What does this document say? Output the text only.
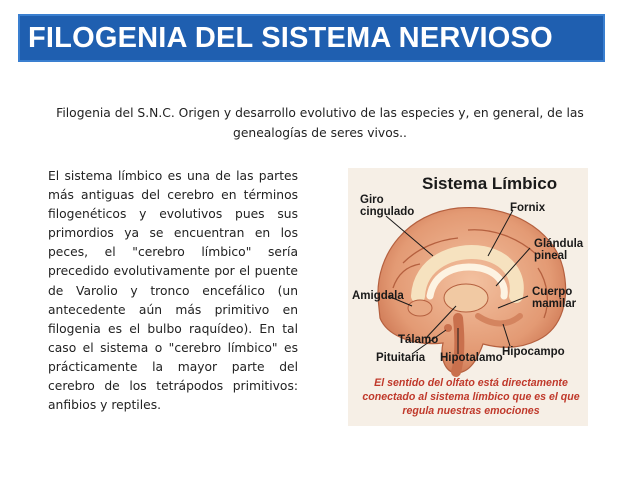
FILOGENIA DEL SISTEMA NERVIOSO
Filogenia del S.N.C. Origen y desarrollo evolutivo de las especies y, en general, de las genealogías de seres vivos..
El sistema límbico es una de las partes más antiguas del cerebro en términos filogenéticos y evolutivos pues sus primordios ya se encuentran en los peces, el "cerebro límbico" sería precedido evolutivamente por el puente de Varolio y tronco encefálico (un antecedente aún más primitivo en filogenia es el bulbo raquídeo). En tal caso el sistema o "cerebro límbico" es prácticamente la mayor parte del cerebro de los tetrápodos primitivos: anfibios y reptiles.
Sistema Límbico
Giro
cingulado	Fornix
Glándula
pineal
Amigdala	Cuerpo
mamilar
Tálamo
Pituitaria Hipotalamo Hipocampo
El sentido del olfato está directamente conectado al sistema límbico que es el que regula nuestras emociones
